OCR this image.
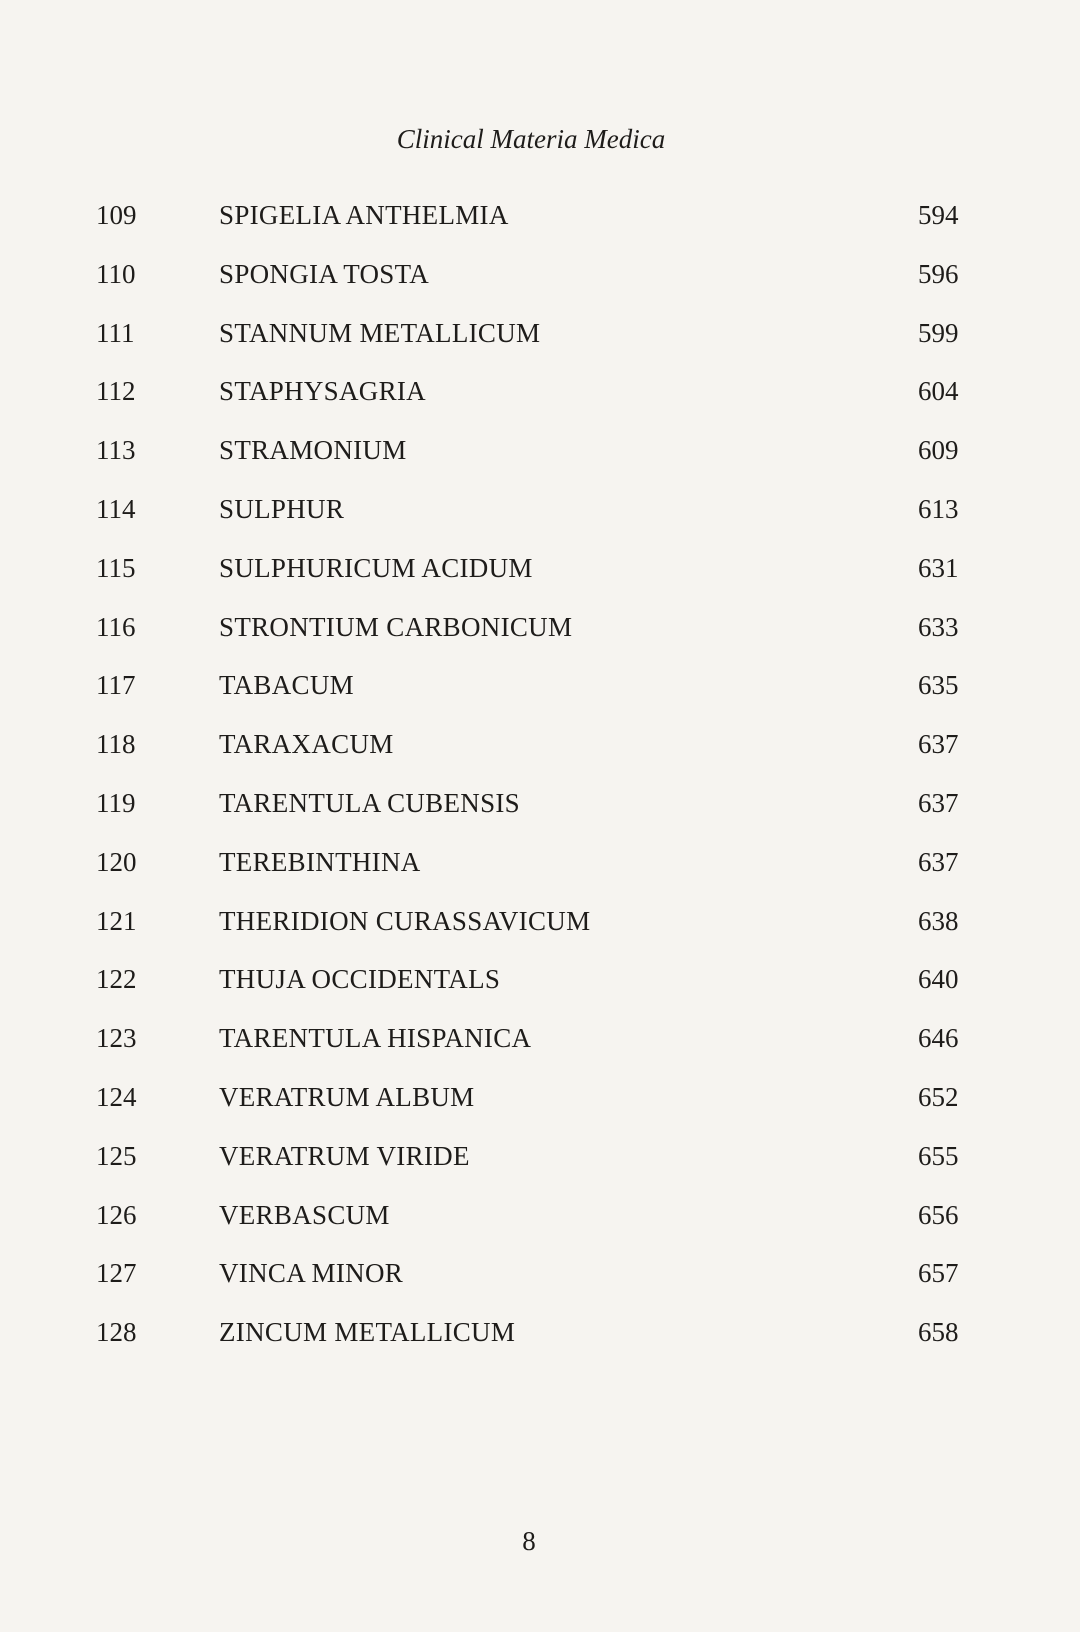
Clinical Materia Medica
109	SPIGELIA ANTHELMIA	594
110	SPONGIA TOSTA	596
111	STANNUM METALLICUM	599
112	STAPHYSAGRIA	604
113	STRAMONIUM	609
114	SULPHUR	613
115	SULPHURICUM ACIDUM	631
116	STRONTIUM CARBONICUM	633
117	TABACUM	635
118	TARAXACUM	637
119	TARENTULA CUBENSIS	637
120	TEREBINTHINA	637
121	THERIDION CURASSAVICUM	638
122	THUJA OCCIDENTALS	640
123	TARENTULA HISPANICA	646
124	VERATRUM ALBUM	652
125	VERATRUM VIRIDE	655
126	VERBASCUM	656
127	VINCA MINOR	657
128	ZINCUM METALLICUM	658
8
